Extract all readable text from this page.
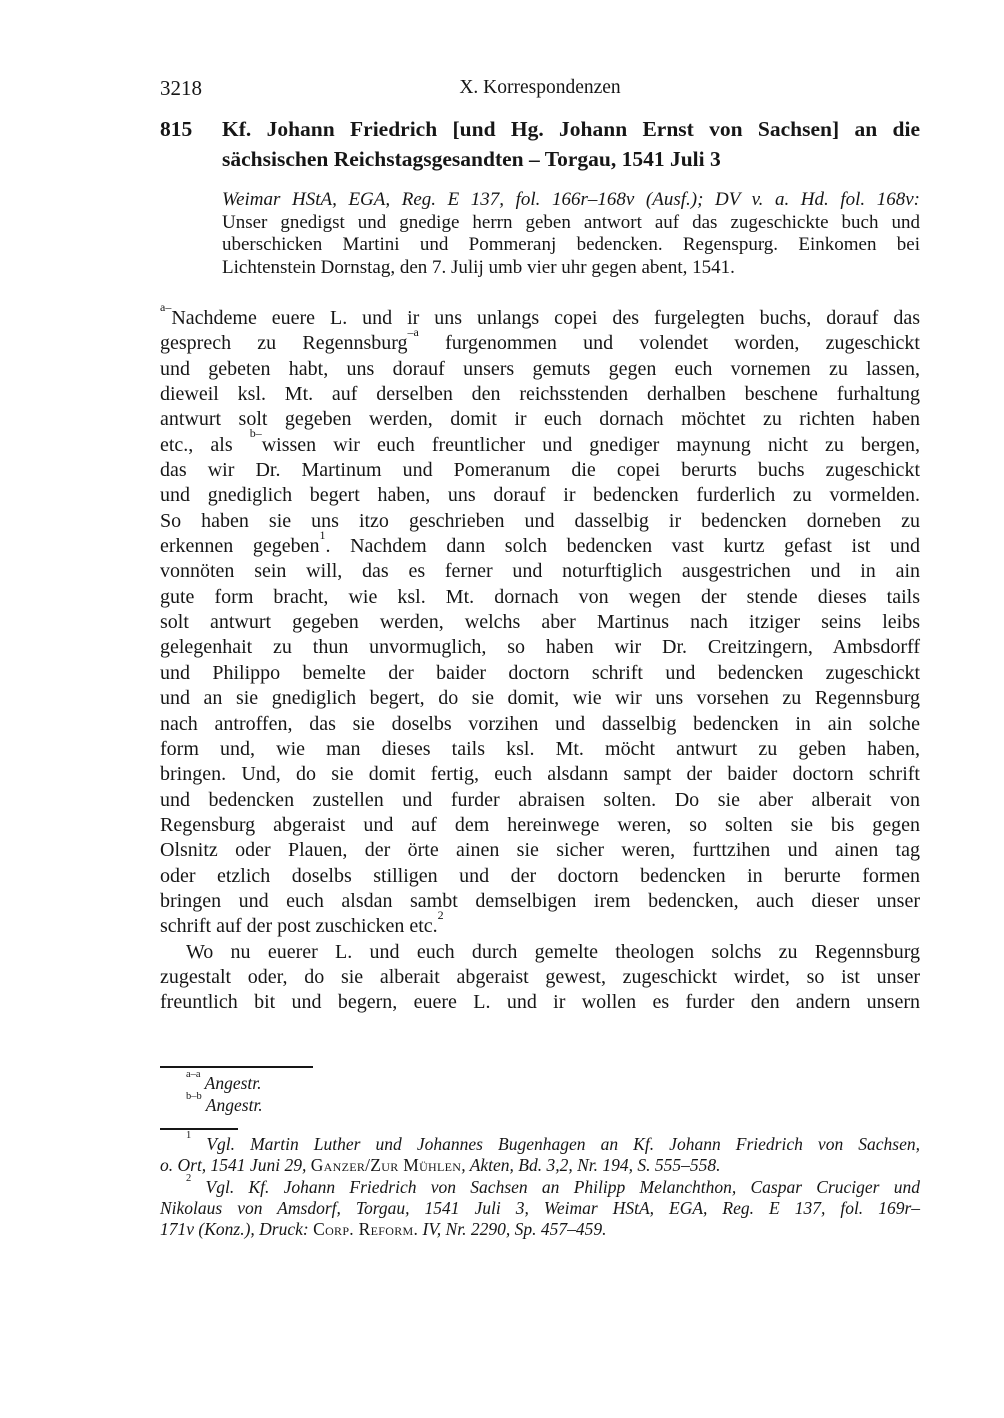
3218	X. Korrespondenzen
815 Kf. Johann Friedrich [und Hg. Johann Ernst von Sachsen] an die
sächsischen Reichstagsgesandten – Torgau, 1541 Juli 3
Weimar HStA, EGA, Reg. E 137, fol. 166r–168v (Ausf.); DV v. a. Hd. fol. 168v:
Unser gnedigst und gnedige herrn geben antwort auf das zugeschickte buch und
uberschicken Martini und Pommeranj bedencken. Regenspurg. Einkomen bei
Lichtenstein Dornstag, den 7. Julij umb vier uhr gegen abent, 1541.
$^{a-}$Nachdeme euere L. und ir uns unlangs copei des furgelegten buchs, dorauf das
gesprech zu Regennsburg$^{-a}$ furgenommen und volendet worden, zugeschickt
und gebeten habt, uns dorauf unsers gemuts gegen euch vornemen zu lassen,
dieweil ksl. Mt. auf derselben den reichsstenden derhalben beschene furhaltung
antwurt solt gegeben werden, domit ir euch dornach möchtet zu richten haben
etc., als $^{b-}$wissen wir euch freuntlicher und gnediger maynung nicht zu bergen,
das wir Dr. Martinum und Pomeranum die copei berurts buchs zugeschickt
und gnediglich begert haben, uns dorauf ir bedencken furderlich zu vormelden.
So haben sie uns itzo geschrieben und dasselbig ir bedencken dorneben zu
erkennen gegeben$^1$. Nachdem dann solch bedencken vast kurtz gefast ist und
vonnöten sein will, das es ferner und noturftiglich ausgestrichen und in ain
gute form bracht, wie ksl. Mt. dornach von wegen der stende dieses tails
solt antwurt gegeben werden, welchs aber Martinus nach itziger seins leibs
gelegenhait zu thun unvormuglich, so haben wir Dr. Creitzingern, Ambsdorff
und Philippo bemelte der baider doctorn schrift und bedencken zugeschickt
und an sie gnediglich begert, do sie domit, wie wir uns vorsehen zu Regennsburg
nach antroffen, das sie doselbs vorzihen und dasselbig bedencken in ain solche
form und, wie man dieses tails ksl. Mt. möcht antwurt zu geben haben,
bringen. Und, do sie domit fertig, euch alsdann sampt der baider doctorn schrift
und bedencken zustellen und furder abraisen solten. Do sie aber alberait von
Regensburg abgeraist und auf dem hereinwege weren, so solten sie bis gegen
Olsnitz oder Plauen, der örte ainen sie sicher weren, furttzihen und ainen tag
oder etzlich doselbs stilligen und der doctorn bedencken in berurte formen
bringen und euch alsdan sambt demselbigen irem bedencken, auch dieser unser
schrift auf der post zuschicken etc.$^2$
Wo nu euerer L. und euch durch gemelte theologen solchs zu Regennsburg
zugestalt oder, do sie alberait abgeraist gewest, zugeschickt wirdet, so ist unser
freuntlich bit und begern, euere L. und ir wollen es furder den andern unsern
$^{a-a}$ Angestr.
$^{b-b}$ Angestr.
$^1$ Vgl. Martin Luther und Johannes Bugenhagen an Kf. Johann Friedrich von Sachsen,
o. Ort, 1541 Juni 29, Ganzer/Zur Mühlen, Akten, Bd. 3,2, Nr. 194, S. 555–558.
$^2$ Vgl. Kf. Johann Friedrich von Sachsen an Philipp Melanchthon, Caspar Cruciger und
Nikolaus von Amsdorf, Torgau, 1541 Juli 3, Weimar HStA, EGA, Reg. E 137, fol. 169r–
171v (Konz.), Druck: Corp. Reform. IV, Nr. 2290, Sp. 457–459.
